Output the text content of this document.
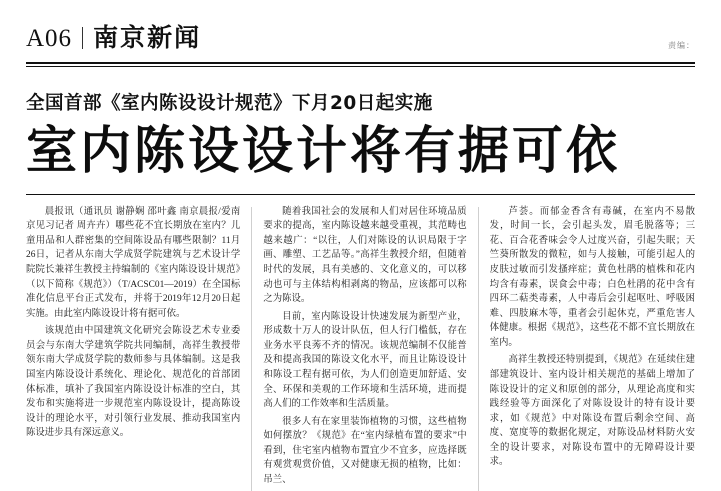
A06 南京新闻	责编：
全国首部《室内陈设设计规范》下月20日起实施
室内陈设设计将有据可依

晨报讯（通讯员 谢静娴 邵叶鑫 南京晨报/爱南京见习记者 周卉卉）哪些花不宜长期放在室内？儿童用品和人群密集的空间陈设品有哪些限制？11月26日，记者从东南大学成贤学院建筑与艺术设计学院院长兼祥生教授主持编制的《室内陈设设计规范》（以下简称《规范》）（T/ACSC01—2019）在全国标准化信息平台正式发布，并将于2019年12月20日起实施。由此室内陈设设计将有据可依。

该规范由中国建筑文化研究会陈设艺术专业委员会与东南大学建筑学院共同编制，高祥生教授带领东南大学成贤学院的数师参与具体编制。这是我国室内陈设设计系统化、理论化、规范化的首部团体标准，填补了我国室内陈设设计标准的空白，其发布和实施将进一步规范室内陈设设计，提高陈设设计的理论水平，对引领行业发展、推动我国室内陈设进步具有深远意义。

随着我国社会的发展和人们对居住环境品质要求的提高，室内陈设越来越受重视，其范畴也越来越广：“以往，人们对陈设的认识局限于字画、雕塑、工艺品等。”高祥生教授介绍，但随着时代的发展，具有美感的、文化意义的，可以移动也可与主体结构相剥离的物品，应该都可以称之为陈设。

目前，室内陈设设计快速发展为新型产业，形成数十万人的设计队伍，但人行门槛低，存在业务水平良莠不齐的情况。该规范编制不仅能普及和提高我国的陈设文化水平，而且让陈设设计和陈设工程有据可依，为人们创造更加舒适、安全、环保和美观的工作环境和生活环境，进而提高人们的工作效率和生活质量。

很多人有在家里装饰植物的习惯，这些植物如何摆放？《规范》在“室内绿植布置的要求”中看到，住宅室内植物布置宜少不宜多，应选择既有观赏观赏价值，又对健康无损的植物，比如：吊兰、

芦荟。而郁金香含有毒碱，在室内不易散发，时间一长，会引起头发，眉毛脱落等；三花、百合花香味会令人过度兴奋，引起失眠；天竺葵所散发的微粒，如与人接触，可能引起人的皮肤过敏而引发搔痒症；黄色杜鹃的植株和花内均含有毒素，误食会中毒；白色杜鹃的花中含有四环二萜类毒素，人中毒后会引起呕吐、呼吸困难、四肢麻木等，重者会引起休克，严重危害人体健康。根据《规范》，这些花不都不宜长期放在室内。

高祥生教授还特别提到，《规范》在延续住建部建筑设计、室内设计相关规范的基础上增加了陈设设计的定义和原创的部分，从理论高度和实践经验等方面深化了对陈设设计的特有设计要求，如《规范》中对陈设布置后剩余空间、高度、宽度等的数据化规定，对陈设品材料防火安全的设计要求，对陈设布置中的无障碍设计要求。
